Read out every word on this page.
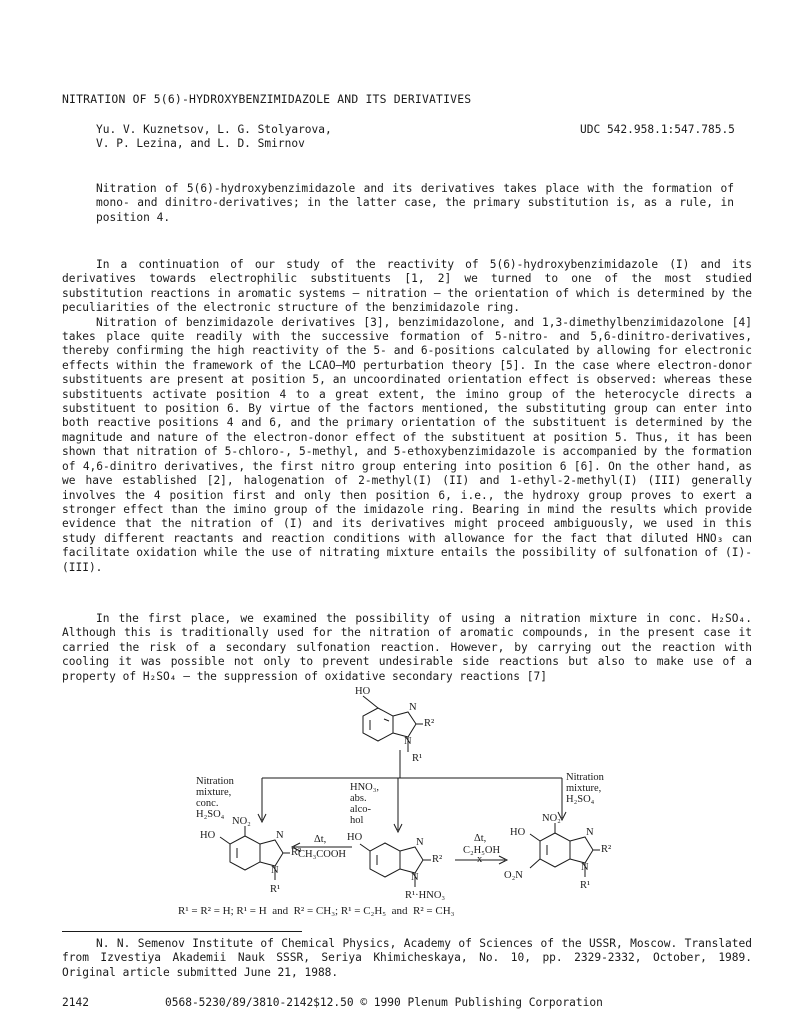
NITRATION OF 5(6)-HYDROXYBENZIMIDAZOLE AND ITS DERIVATIVES
Yu. V. Kuznetsov, L. G. Stolyarova,
V. P. Lezina, and L. D. Smirnov
UDC 542.958.1:547.785.5
Nitration of 5(6)-hydroxybenzimidazole and its derivatives takes place with the formation of mono- and dinitro-derivatives; in the latter case, the primary substitution is, as a rule, in position 4.

In a continuation of our study of the reactivity of 5(6)-hydroxybenzimidazole (I) and its derivatives towards electrophilic substituents [1, 2] we turned to one of the most studied substitution reactions in aromatic systems — nitration — the orientation of which is determined by the peculiarities of the electronic structure of the benzimidazole ring.

Nitration of benzimidazole derivatives [3], benzimidazolone, and 1,3-dimethylbenzimidazolone [4] takes place quite readily with the successive formation of 5-nitro- and 5,6-dinitro-derivatives, thereby confirming the high reactivity of the 5- and 6-positions calculated by allowing for electronic effects within the framework of the LCAO–MO perturbation theory [5]. In the case where electron-donor substituents are present at position 5, an uncoordinated orientation effect is observed: whereas these substituents activate position 4 to a great extent, the imino group of the heterocycle directs a substituent to position 6. By virtue of the factors mentioned, the substituting group can enter into both reactive positions 4 and 6, and the primary orientation of the substituent is determined by the magnitude and nature of the electron-donor effect of the substituent at position 5. Thus, it has been shown that nitration of 5-chloro-, 5-methyl, and 5-ethoxybenzimidazole is accompanied by the formation of 4,6-dinitro derivatives, the first nitro group entering into position 6 [6]. On the other hand, as we have established [2], halogenation of 2-methyl(I) (II) and 1-ethyl-2-methyl(I) (III) generally involves the 4 position first and only then position 6, i.e., the hydroxy group proves to exert a stronger effect than the imino group of the imidazole ring. Bearing in mind the results which provide evidence that the nitration of (I) and its derivatives might proceed ambiguously, we used in this study different reactants and reaction conditions with allowance for the fact that diluted HNO₃ can facilitate oxidation while the use of nitrating mixture entails the possibility of sulfonation of (I)-(III).

In the first place, we examined the possibility of using a nitration mixture in conc. H₂SO₄. Although this is traditionally used for the nitration of aromatic compounds, in the present case it carried the risk of a secondary sulfonation reaction. However, by carrying out the reaction with cooling it was possible not only to prevent undesirable side reactions but also to make use of a property of H₂SO₄ — the suppression of oxidative secondary reactions [7]

HO
N
R²
N
R¹
Nitration
mixture,
conc.
H₂SO₄
HNO₃,
abs.
alco-
hol
Nitration
mixture,
H₂SO₄
NO₂
HO	N
R²
N
R¹
Δt,
CH₃COOH
HO	N
R²
N
R¹·HNO₃
Δt,
C₂H₅OH
x
NO₂
HO	N
R²
O₂N
N
R¹
R¹ = R² = H; R¹ = H  and  R² = CH₃; R¹ = C₂H₅  and  R² = CH₃

N. N. Semenov Institute of Chemical Physics, Academy of Sciences of the USSR, Moscow. Translated from Izvestiya Akademii Nauk SSSR, Seriya Khimicheskaya, No. 10, pp. 2329-2332, October, 1989. Original article submitted June 21, 1988.

2142	0568-5230/89/3810-2142$12.50 © 1990 Plenum Publishing Corporation
